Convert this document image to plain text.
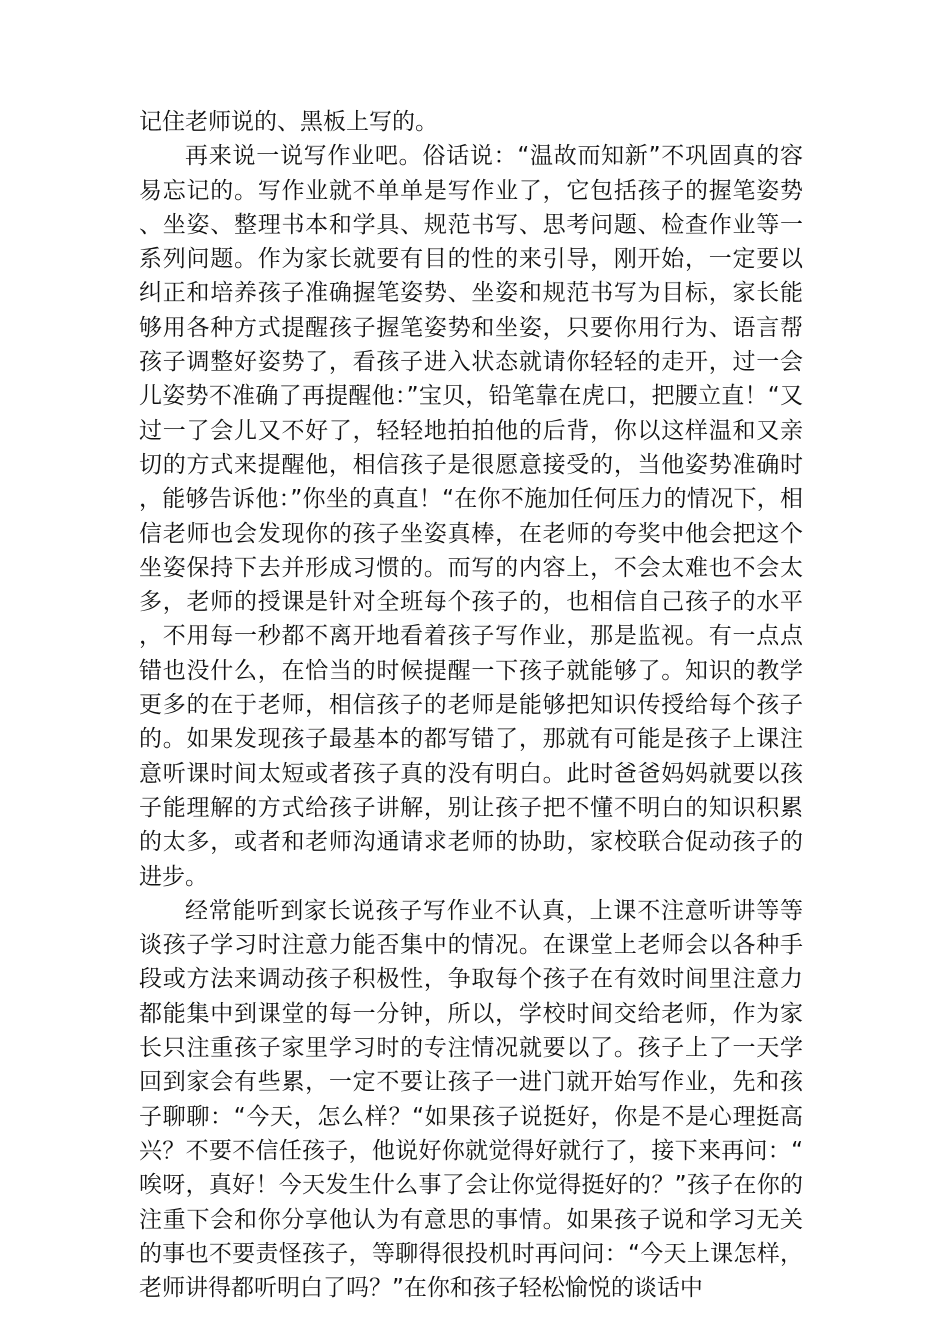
记住老师说的、黑板上写的。

再来说一说写作业吧。俗话说：“温故而知新”不巩固真的容易忘记的。写作业就不单单是写作业了，它包括孩子的握笔姿势、坐姿、整理书本和学具、规范书写、思考问题、检查作业等一系列问题。作为家长就要有目的性的来引导，刚开始，一定要以纠正和培养孩子准确握笔姿势、坐姿和规范书写为目标，家长能够用各种方式提醒孩子握笔姿势和坐姿，只要你用行为、语言帮孩子调整好姿势了，看孩子进入状态就请你轻轻的走开，过一会儿姿势不准确了再提醒他：”宝贝，铅笔靠在虎口，把腰立直！“又过一了会儿又不好了，轻轻地拍拍他的后背，你以这样温和又亲切的方式来提醒他，相信孩子是很愿意接受的，当他姿势准确时，能够告诉他：”你坐的真直！“在你不施加任何压力的情况下，相信老师也会发现你的孩子坐姿真棒，在老师的夸奖中他会把这个坐姿保持下去并形成习惯的。而写的内容上，不会太难也不会太多，老师的授课是针对全班每个孩子的，也相信自己孩子的水平，不用每一秒都不离开地看着孩子写作业，那是监视。有一点点错也没什么，在恰当的时候提醒一下孩子就能够了。知识的教学更多的在于老师，相信孩子的老师是能够把知识传授给每个孩子的。如果发现孩子最基本的都写错了，那就有可能是孩子上课注意听课时间太短或者孩子真的没有明白。此时爸爸妈妈就要以孩子能理解的方式给孩子讲解，别让孩子把不懂不明白的知识积累的太多，或者和老师沟通请求老师的协助，家校联合促动孩子的进步。

经常能听到家长说孩子写作业不认真，上课不注意听讲等等谈孩子学习时注意力能否集中的情况。在课堂上老师会以各种手段或方法来调动孩子积极性，争取每个孩子在有效时间里注意力都能集中到课堂的每一分钟，所以，学校时间交给老师，作为家长只注重孩子家里学习时的专注情况就要以了。孩子上了一天学回到家会有些累，一定不要让孩子一进门就开始写作业，先和孩子聊聊：“今天，怎么样？“如果孩子说挺好，你是不是心理挺高兴？不要不信任孩子，他说好你就觉得好就行了，接下来再问：“唉呀，真好！今天发生什么事了会让你觉得挺好的？”孩子在你的注重下会和你分享他认为有意思的事情。如果孩子说和学习无关的事也不要责怪孩子，等聊得很投机时再问问：“今天上课怎样，老师讲得都听明白了吗？”在你和孩子轻松愉悦的谈话中
